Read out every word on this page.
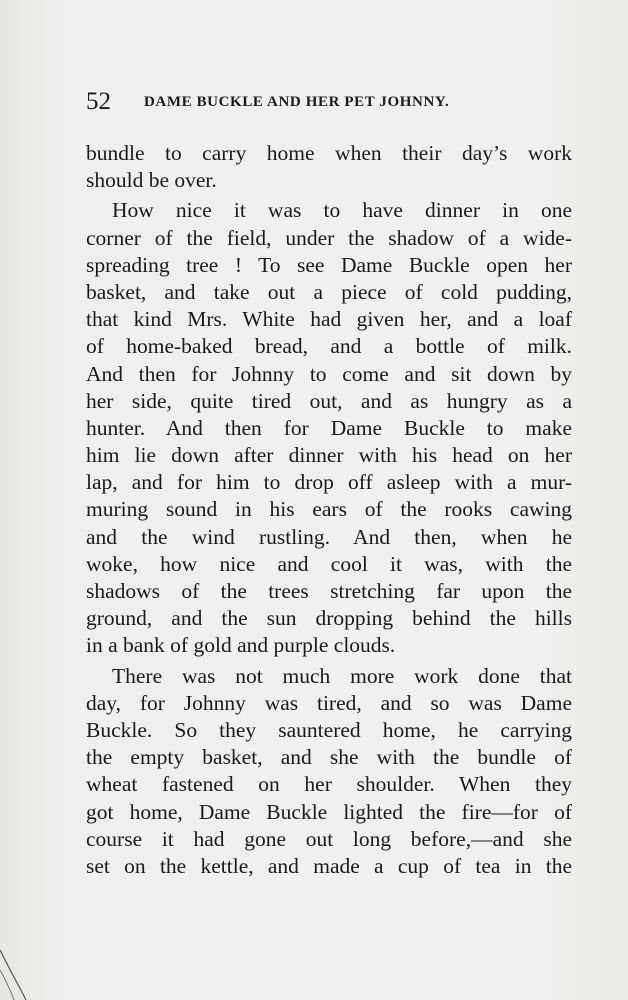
52 DAME BUCKLE AND HER PET JOHNNY.
bundle to carry home when their day’s work
should be over.
How nice it was to have dinner in one
corner of the field, under the shadow of a wide-
spreading tree ! To see Dame Buckle open her
basket, and take out a piece of cold pudding,
that kind Mrs. White had given her, and a loaf
of home-baked bread, and a bottle of milk.
And then for Johnny to come and sit down by
her side, quite tired out, and as hungry as a
hunter. And then for Dame Buckle to make
him lie down after dinner with his head on her
lap, and for him to drop off asleep with a mur-
muring sound in his ears of the rooks cawing
and the wind rustling. And then, when he
woke, how nice and cool it was, with the
shadows of the trees stretching far upon the
ground, and the sun dropping behind the hills
in a bank of gold and purple clouds.
There was not much more work done that
day, for Johnny was tired, and so was Dame
Buckle. So they sauntered home, he carrying
the empty basket, and she with the bundle of
wheat fastened on her shoulder. When they
got home, Dame Buckle lighted the fire—for of
course it had gone out long before,—and she
set on the kettle, and made a cup of tea in the
